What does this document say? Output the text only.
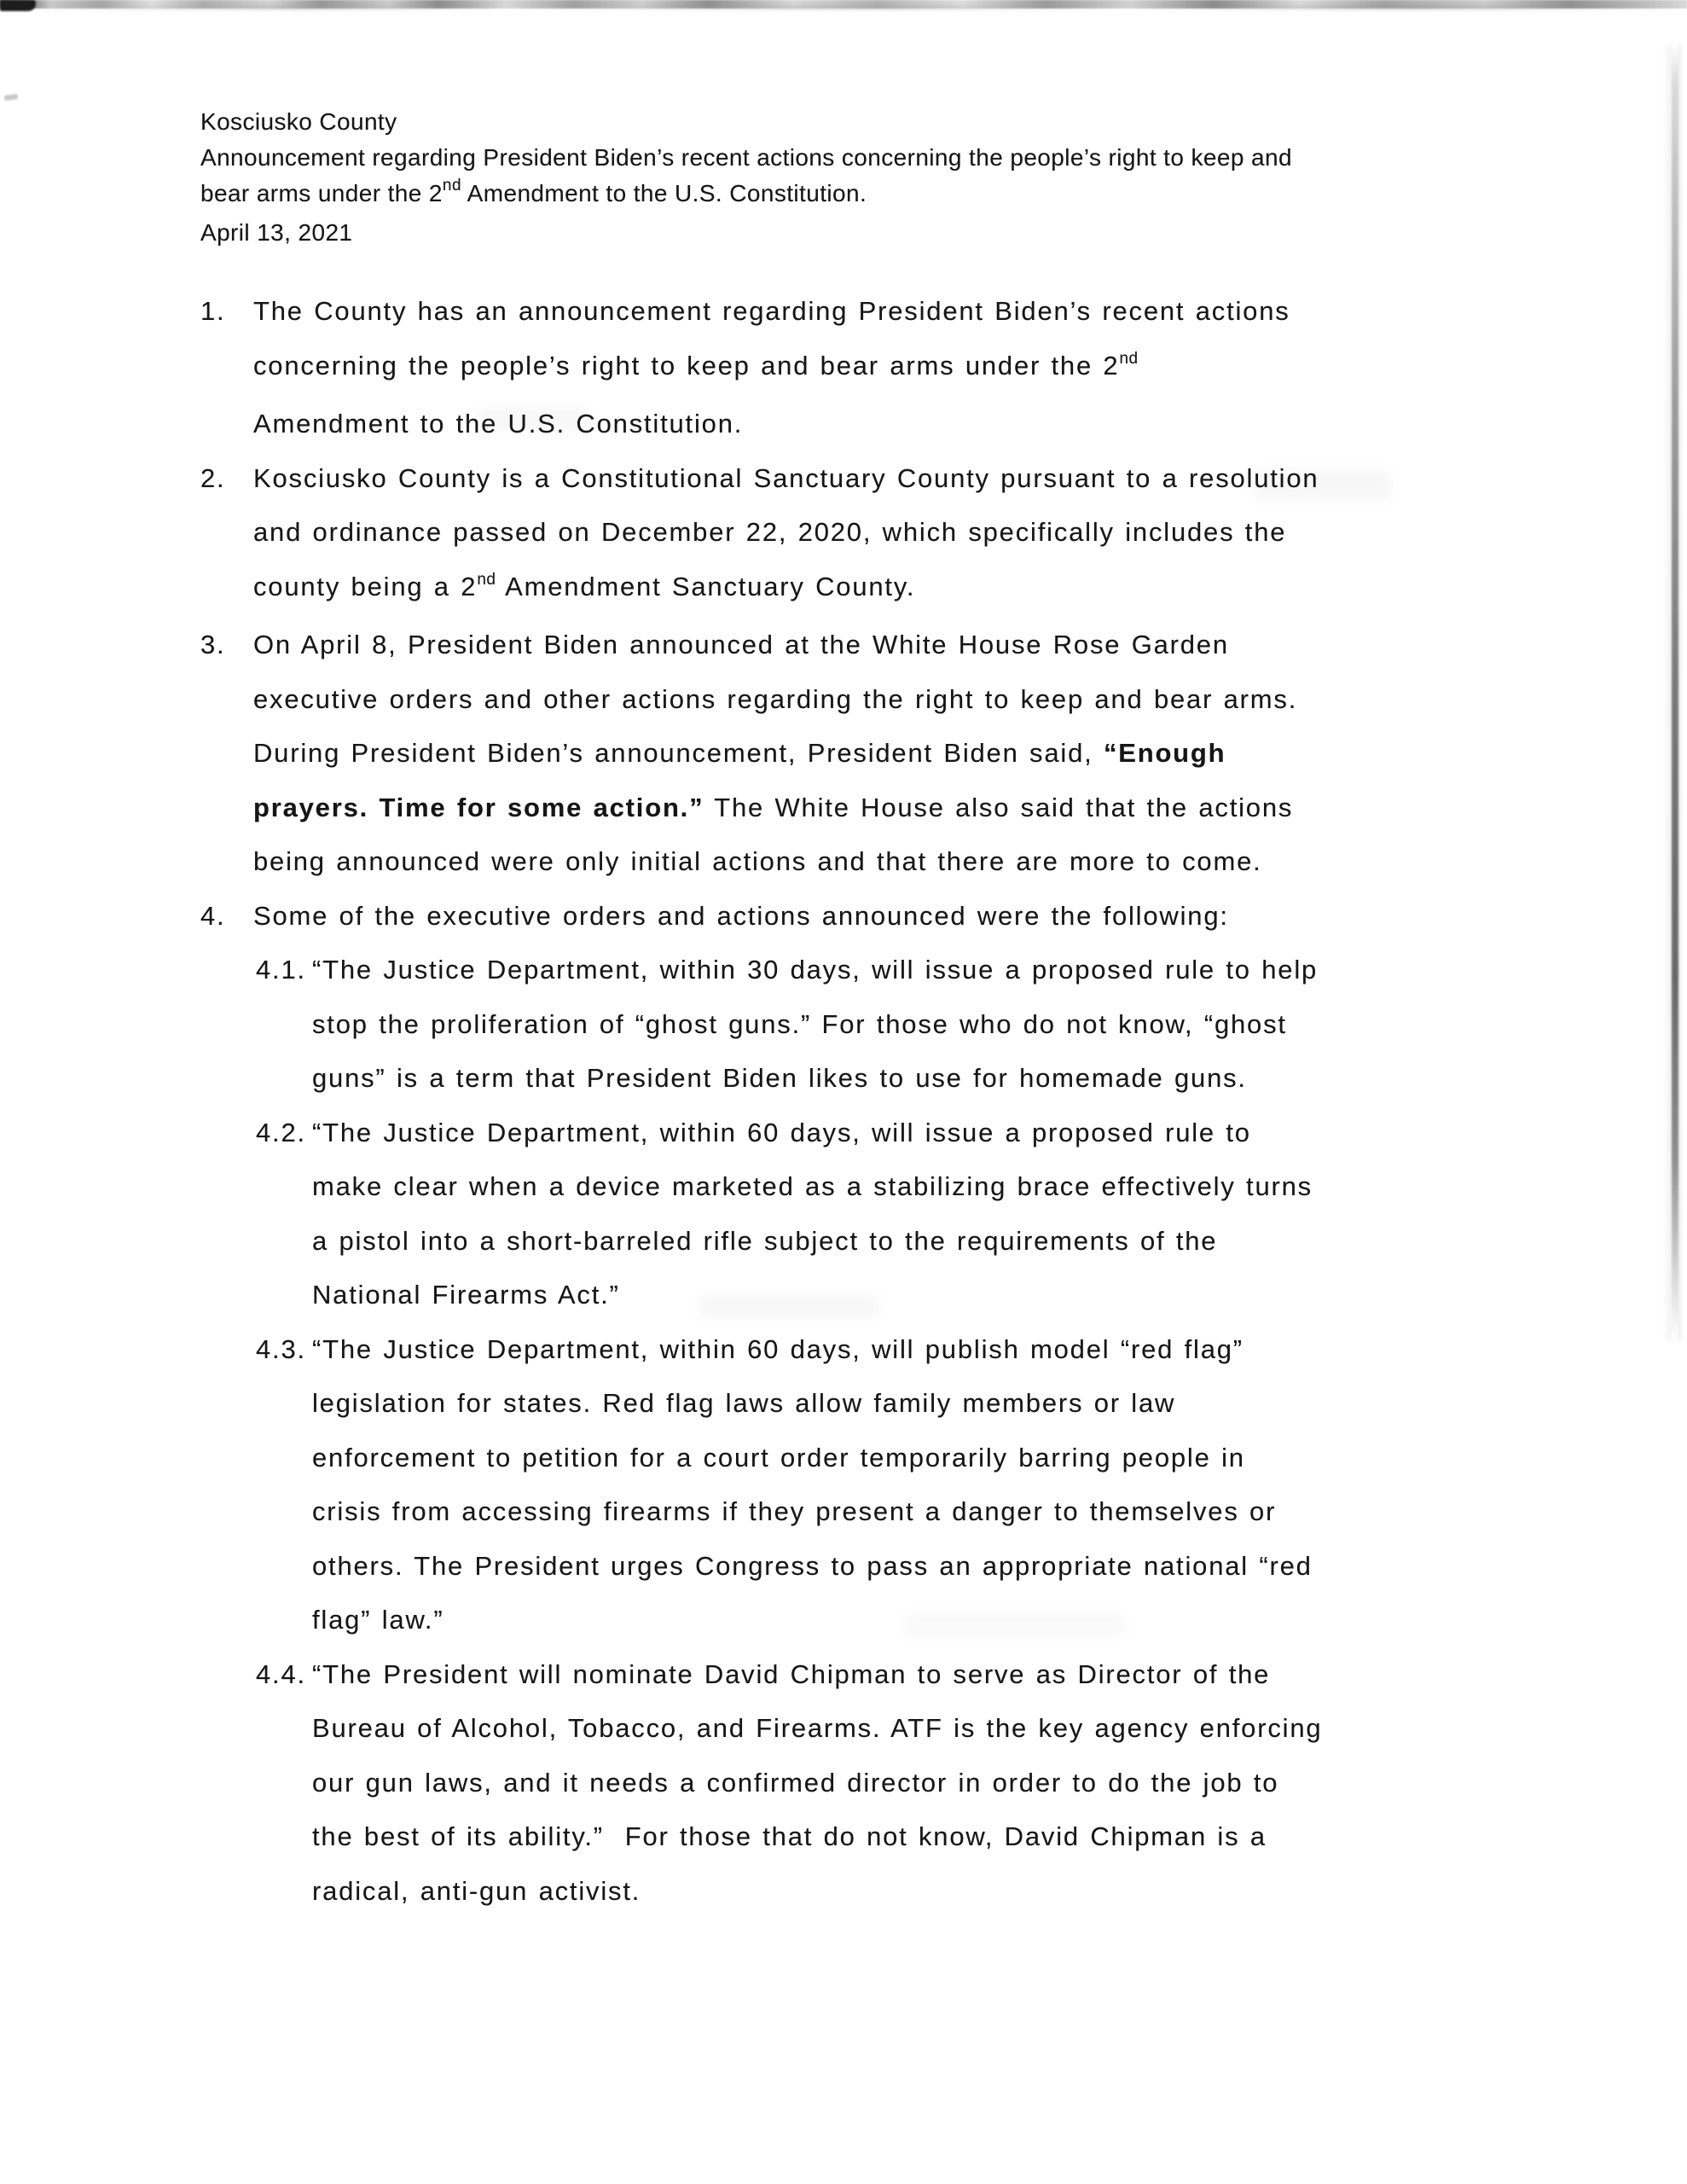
Kosciusko County
Announcement regarding President Biden’s recent actions concerning the people’s right to keep and
bear arms under the 2nd Amendment to the U.S. Constitution.
April 13, 2021
1.	The County has an announcement regarding President Biden’s recent actions
concerning the people’s right to keep and bear arms under the 2nd
Amendment to the U.S. Constitution.
2.	Kosciusko County is a Constitutional Sanctuary County pursuant to a resolution
and ordinance passed on December 22, 2020, which specifically includes the
county being a 2nd Amendment Sanctuary County.
3.	On April 8, President Biden announced at the White House Rose Garden
executive orders and other actions regarding the right to keep and bear arms.
During President Biden’s announcement, President Biden said, “Enough
prayers. Time for some action.” The White House also said that the actions
being announced were only initial actions and that there are more to come.
4.	Some of the executive orders and actions announced were the following:
4.1. “The Justice Department, within 30 days, will issue a proposed rule to help
stop the proliferation of “ghost guns.” For those who do not know, “ghost
guns” is a term that President Biden likes to use for homemade guns.
4.2. “The Justice Department, within 60 days, will issue a proposed rule to
make clear when a device marketed as a stabilizing brace effectively turns
a pistol into a short-barreled rifle subject to the requirements of the
National Firearms Act.”
4.3. “The Justice Department, within 60 days, will publish model “red flag”
legislation for states. Red flag laws allow family members or law
enforcement to petition for a court order temporarily barring people in
crisis from accessing firearms if they present a danger to themselves or
others. The President urges Congress to pass an appropriate national “red
flag” law.”
4.4. “The President will nominate David Chipman to serve as Director of the
Bureau of Alcohol, Tobacco, and Firearms. ATF is the key agency enforcing
our gun laws, and it needs a confirmed director in order to do the job to
the best of its ability.”  For those that do not know, David Chipman is a
radical, anti-gun activist.
